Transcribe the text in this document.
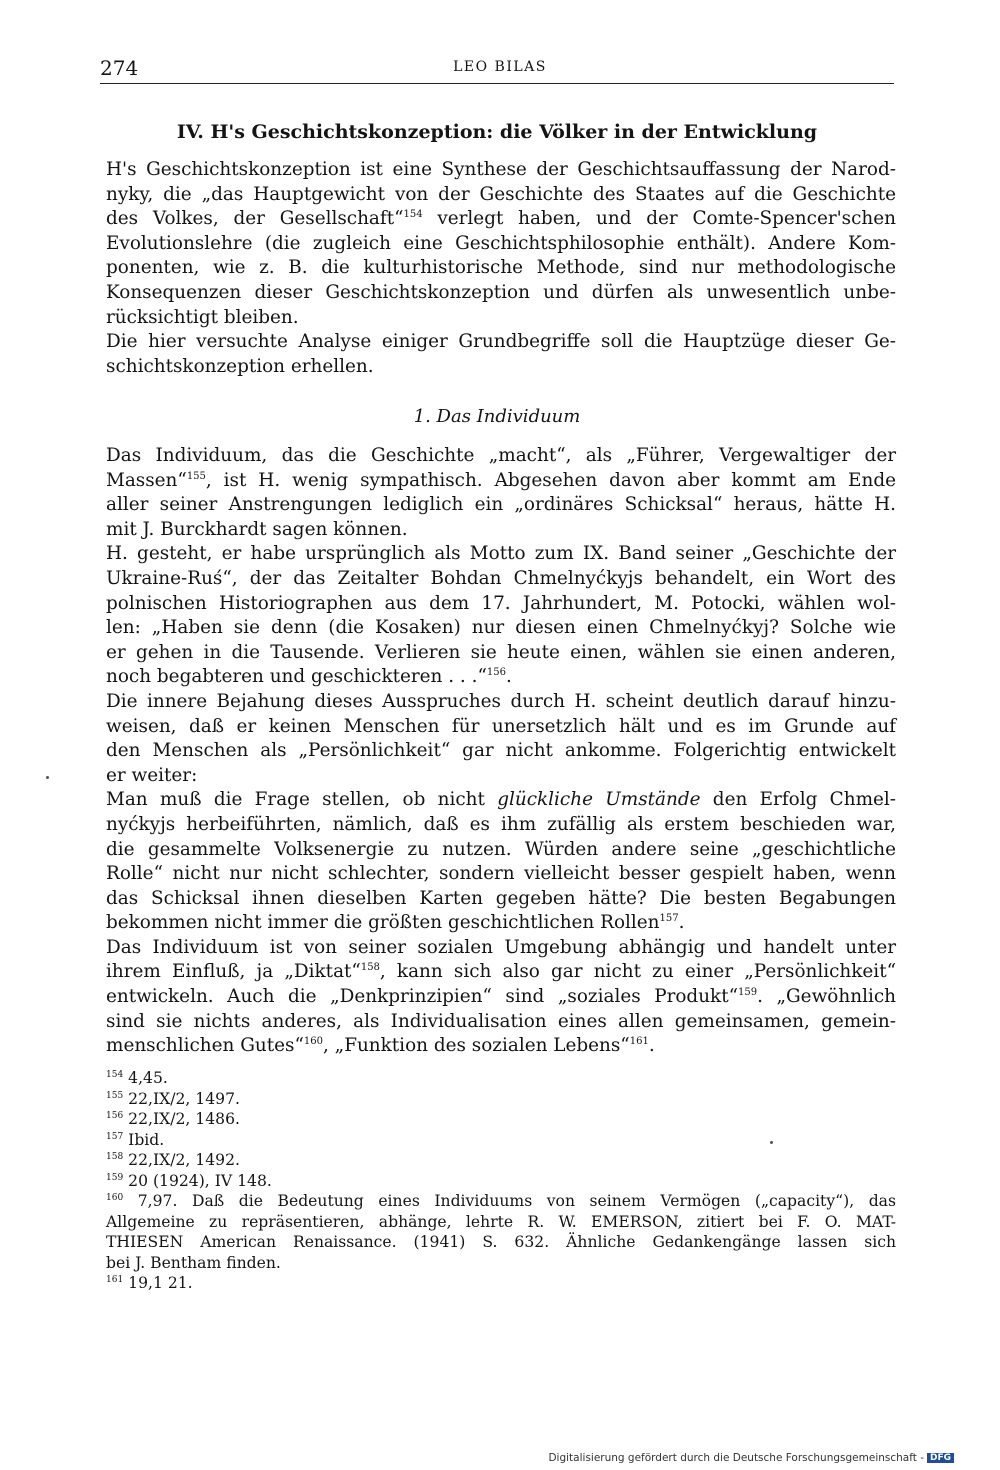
274	LEO BILAS
IV. H's Geschichtskonzeption: die Völker in der Entwicklung
H's Geschichtskonzeption ist eine Synthese der Geschichtsauffassung der Narod-
nyky, die „das Hauptgewicht von der Geschichte des Staates auf die Geschichte
des Volkes, der Gesellschaft“$^{154}$ verlegt haben, und der Comte-Spencer'schen
Evolutionslehre (die zugleich eine Geschichtsphilosophie enthält). Andere Kom-
ponenten, wie z. B. die kulturhistorische Methode, sind nur methodologische
Konsequenzen dieser Geschichtskonzeption und dürfen als unwesentlich unbe-
rücksichtigt bleiben.
Die hier versuchte Analyse einiger Grundbegriffe soll die Hauptzüge dieser Ge-
schichtskonzeption erhellen.
1. Das Individuum
Das Individuum, das die Geschichte „macht“, als „Führer, Vergewaltiger der
Massen“$^{155}$, ist H. wenig sympathisch. Abgesehen davon aber kommt am Ende
aller seiner Anstrengungen lediglich ein „ordinäres Schicksal“ heraus, hätte H.
mit J. Burckhardt sagen können.
H. gesteht, er habe ursprünglich als Motto zum IX. Band seiner „Geschichte der
Ukraine-Ruś“, der das Zeitalter Bohdan Chmelnyćkyjs behandelt, ein Wort des
polnischen Historiographen aus dem 17. Jahrhundert, M. Potocki, wählen wol-
len: „Haben sie denn (die Kosaken) nur diesen einen Chmelnyćkyj? Solche wie
er gehen in die Tausende. Verlieren sie heute einen, wählen sie einen anderen,
noch begabteren und geschickteren . . .“$^{156}$.
Die innere Bejahung dieses Ausspruches durch H. scheint deutlich darauf hinzu-
weisen, daß er keinen Menschen für unersetzlich hält und es im Grunde auf
den Menschen als „Persönlichkeit“ gar nicht ankomme. Folgerichtig entwickelt
er weiter:
Man muß die Frage stellen, ob nicht glückliche Umstände den Erfolg Chmel-
nyćkyjs herbeiführten, nämlich, daß es ihm zufällig als erstem beschieden war,
die gesammelte Volksenergie zu nutzen. Würden andere seine „geschichtliche
Rolle“ nicht nur nicht schlechter, sondern vielleicht besser gespielt haben, wenn
das Schicksal ihnen dieselben Karten gegeben hätte? Die besten Begabungen
bekommen nicht immer die größten geschichtlichen Rollen$^{157}$.
Das Individuum ist von seiner sozialen Umgebung abhängig und handelt unter
ihrem Einfluß, ja „Diktat“$^{158}$, kann sich also gar nicht zu einer „Persönlichkeit“
entwickeln. Auch die „Denkprinzipien“ sind „soziales Produkt“$^{159}$. „Gewöhnlich
sind sie nichts anderes, als Individualisation eines allen gemeinsamen, gemein-
menschlichen Gutes“$^{160}$, „Funktion des sozialen Lebens“$^{161}$.
$^{154}$ 4,45.
$^{155}$ 22,IX/2, 1497.
$^{156}$ 22,IX/2, 1486.
$^{157}$ Ibid.
$^{158}$ 22,IX/2, 1492.
$^{159}$ 20 (1924), IV 148.
$^{160}$ 7,97. Daß die Bedeutung eines Individuums von seinem Vermögen („capacity“), das
Allgemeine zu repräsentieren, abhänge, lehrte R. W. EMERSON, zitiert bei F. O. MAT-
THIESEN American Renaissance. (1941) S. 632. Ähnliche Gedankengänge lassen sich
bei J. Bentham finden.
$^{161}$ 19,1 21.
Digitalisierung gefördert durch die Deutsche Forschungsgemeinschaft - DFG
